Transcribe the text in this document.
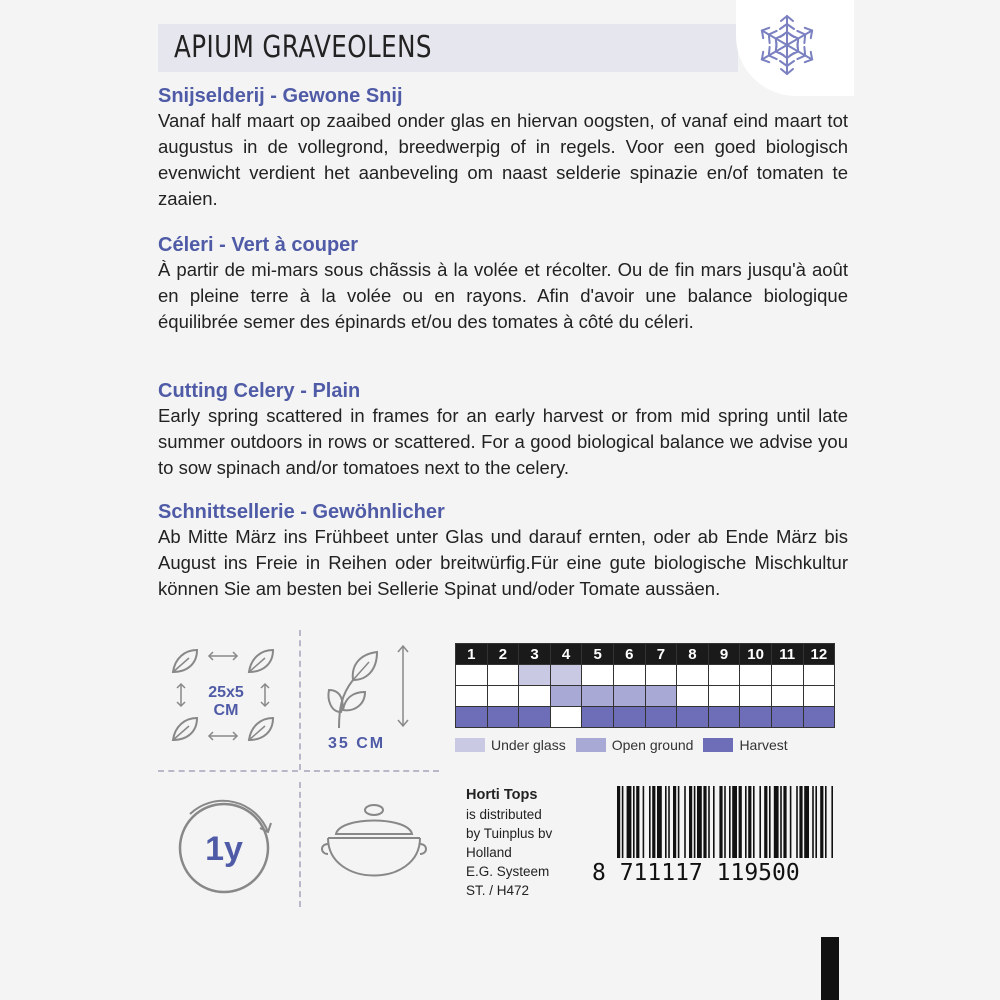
APIUM GRAVEOLENS
Snijselderij - Gewone Snij
Vanaf half maart op zaaibed onder glas en hiervan oogsten, of vanaf eind maart tot augustus in de vollegrond, breedwerpig of in regels. Voor een goed biologisch evenwicht verdient het aanbeveling om naast selderie spinazie en/of tomaten te zaaien.
Céleri - Vert à couper
À partir de mi-mars sous chãssis à la volée et récolter. Ou de fin mars jusqu'à août en pleine terre à la volée ou en rayons. Afin d'avoir une balance biologique équilibrée semer des épinards et/ou des tomates à côté du céleri.
Cutting Celery - Plain
Early spring scattered in frames for an early harvest or from mid spring until late summer outdoors in rows or scattered. For a good biological balance we advise you to sow spinach and/or tomatoes next to the celery.
Schnittsellerie - Gewöhnlicher
Ab Mitte März ins Frühbeet unter Glas und darauf ernten, oder ab Ende März bis August ins Freie in Reihen oder breitwürfig.Für eine gute biologische Mischkultur können Sie am besten bei Sellerie Spinat und/oder Tomate aussäen.
25x5
CM
35 CM
1y
1	2	3	4	5	6	7	8	9	10	11	12

Under glass	Open ground	Harvest
Horti Tops
is distributed
by Tuinplus bv
Holland
E.G. Systeem
ST. / H472
8 711117 119500
